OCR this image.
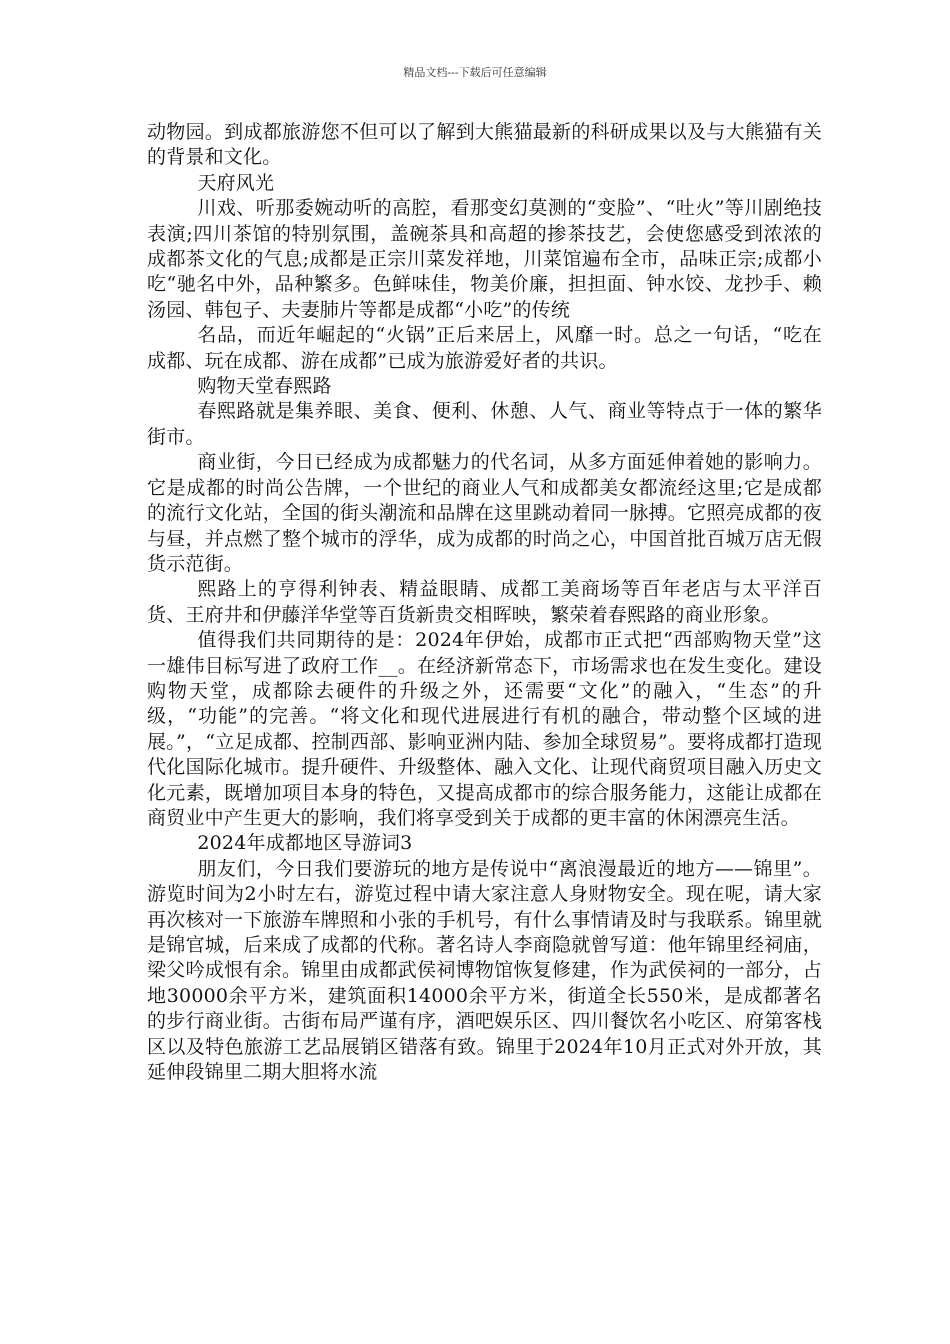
精品文档---下载后可任意编辑

动物园。到成都旅游您不但可以了解到大熊猫最新的科研成果以及与大熊猫有关的背景和文化。

天府风光

川戏、听那委婉动听的高腔，看那变幻莫测的“变脸”、“吐火”等川剧绝技表演;四川茶馆的特别氛围，盖碗茶具和高超的掺茶技艺，会使您感受到浓浓的成都茶文化的气息;成都是正宗川菜发祥地，川菜馆遍布全市，品味正宗;成都小吃“驰名中外，品种繁多。色鲜味佳，物美价廉，担担面、钟水饺、龙抄手、赖汤园、韩包子、夫妻肺片等都是成都“小吃”的传统

名品，而近年崛起的“火锅”正后来居上，风靡一时。总之一句话，“吃在成都、玩在成都、游在成都”已成为旅游爱好者的共识。

购物天堂春熙路

春熙路就是集养眼、美食、便利、休憩、人气、商业等特点于一体的繁华街市。

商业街，今日已经成为成都魅力的代名词，从多方面延伸着她的影响力。它是成都的时尚公告牌，一个世纪的商业人气和成都美女都流经这里;它是成都的流行文化站，全国的街头潮流和品牌在这里跳动着同一脉搏。它照亮成都的夜与昼，并点燃了整个城市的浮华，成为成都的时尚之心，中国首批百城万店无假货示范街。

熙路上的亨得利钟表、精益眼睛、成都工美商场等百年老店与太平洋百货、王府井和伊藤洋华堂等百货新贵交相晖映，繁荣着春熙路的商业形象。

值得我们共同期待的是：2024年伊始，成都市正式把“西部购物天堂”这一雄伟目标写进了政府工作__。在经济新常态下，市场需求也在发生变化。建设购物天堂，成都除去硬件的升级之外，还需要“文化”的融入，“生态”的升级，“功能”的完善。“将文化和现代进展进行有机的融合，带动整个区域的进展。”，“立足成都、控制西部、影响亚洲内陆、参加全球贸易”。要将成都打造现代化国际化城市。提升硬件、升级整体、融入文化、让现代商贸项目融入历史文化元素，既增加项目本身的特色，又提高成都市的综合服务能力，这能让成都在商贸业中产生更大的影响，我们将享受到关于成都的更丰富的休闲漂亮生活。

2024年成都地区导游词3

朋友们，今日我们要游玩的地方是传说中“离浪漫最近的地方——锦里”。游览时间为2小时左右，游览过程中请大家注意人身财物安全。现在呢，请大家再次核对一下旅游车牌照和小张的手机号，有什么事情请及时与我联系。锦里就是锦官城，后来成了成都的代称。著名诗人李商隐就曾写道：他年锦里经祠庙，梁父吟成恨有余。锦里由成都武侯祠博物馆恢复修建，作为武侯祠的一部分，占地30000余平方米，建筑面积14000余平方米，街道全长550米，是成都著名的步行商业街。古街布局严谨有序，酒吧娱乐区、四川餐饮名小吃区、府第客栈区以及特色旅游工艺品展销区错落有致。锦里于2024年10月正式对外开放，其延伸段锦里二期大胆将水流
